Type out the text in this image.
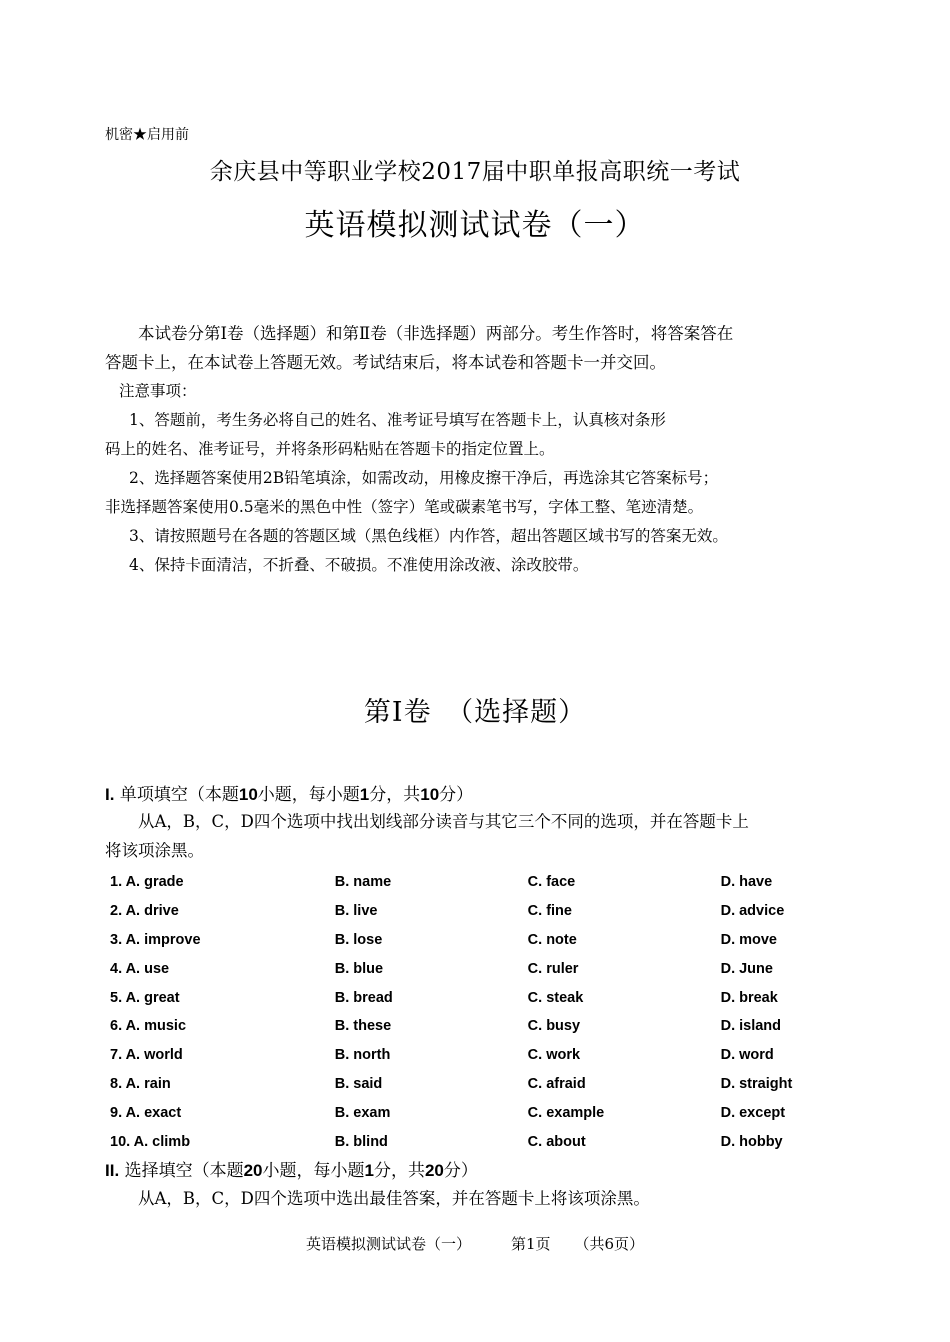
机密★启用前
余庆县中等职业学校2017届中职单报高职统一考试
英语模拟测试试卷（一）

本试卷分第Ⅰ卷（选择题）和第Ⅱ卷（非选择题）两部分。考生作答时，将答案答在

答题卡上，在本试卷上答题无效。考试结束后，将本试卷和答题卡一并交回。

注意事项：

1、答题前，考生务必将自己的姓名、准考证号填写在答题卡上，认真核对条形

码上的姓名、准考证号，并将条形码粘贴在答题卡的指定位置上。

2、选择题答案使用2B铅笔填涂，如需改动，用橡皮擦干净后，再选涂其它答案标号；

非选择题答案使用0.5毫米的黑色中性（签字）笔或碳素笔书写，字体工整、笔迹清楚。

3、请按照题号在各题的答题区域（黑色线框）内作答，超出答题区域书写的答案无效。

4、保持卡面清洁，不折叠、不破损。不准使用涂改液、涂改胶带。

第Ⅰ卷　（选择题）
I. 单项填空（本题10小题，每小题1分，共10分）

从A，B，C，D四个选项中找出划线部分读音与其它三个不同的选项，并在答题卡上

将该项涂黑。

1. A. grade	B. name	C. face	D. have
2. A. drive	B. live	C. fine	D. advice
3. A. improve	B. lose	C. note	D. move
4. A. use	B. blue	C. ruler	D. June
5. A. great	B. bread	C. steak	D. break
6. A. music	B. these	C. busy	D. island
7. A. world	B. north	C. work	D. word
8. A. rain	B. said	C. afraid	D. straight
9. A. exact	B. exam	C. example	D. except
10. A. climb	B. blind	C. about	D. hobby
II. 选择填空（本题20小题，每小题1分，共20分）

从A，B，C，D四个选项中选出最佳答案，并在答题卡上将该项涂黑。

英语模拟测试试卷（一）	第1页 （共6页）
